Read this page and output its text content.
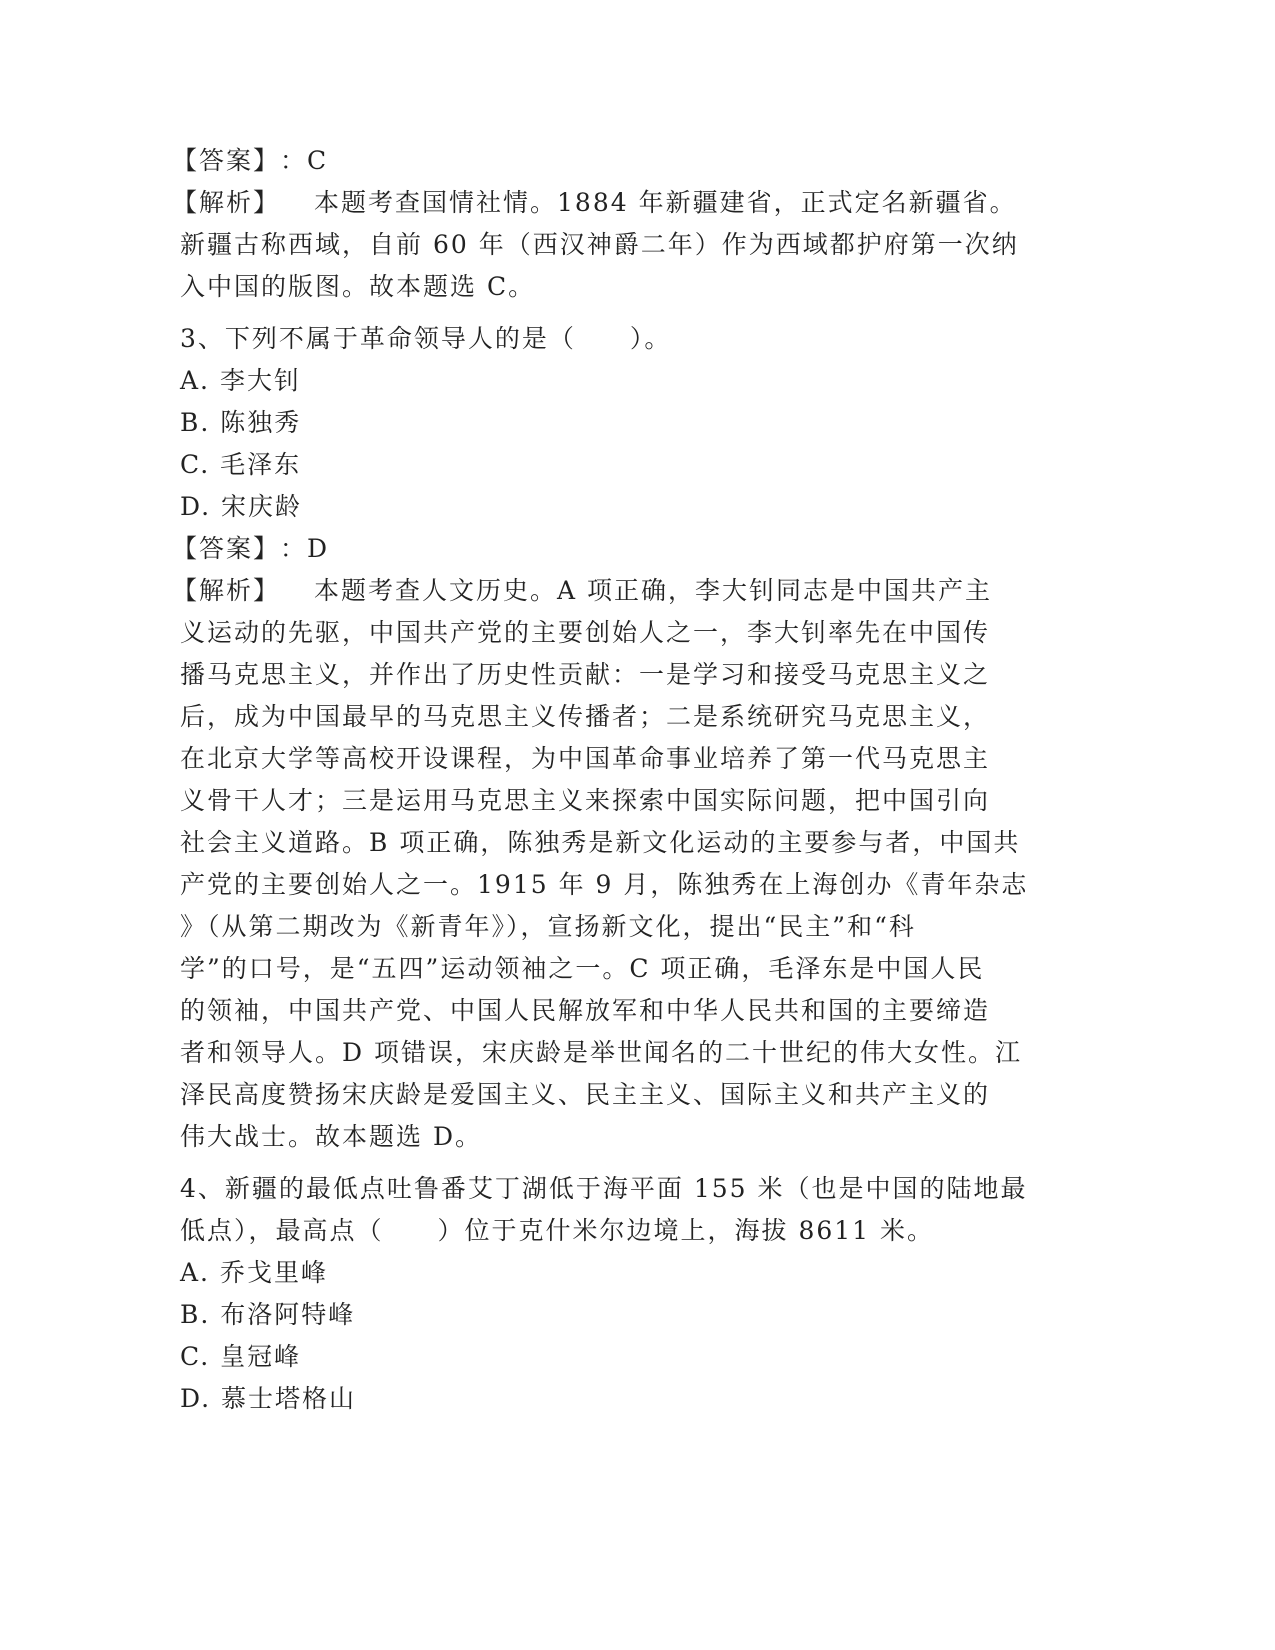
【答案】：C
【解析】 本题考查国情社情。1884 年新疆建省，正式定名新疆省。
新疆古称西域，自前 60 年（西汉神爵二年）作为西域都护府第一次纳
入中国的版图。故本题选 C。
3、下列不属于革命领导人的是（　　）。
A. 李大钊
B. 陈独秀
C. 毛泽东
D. 宋庆龄
【答案】：D
【解析】 本题考查人文历史。A 项正确，李大钊同志是中国共产主
义运动的先驱，中国共产党的主要创始人之一，李大钊率先在中国传
播马克思主义，并作出了历史性贡献：一是学习和接受马克思主义之
后，成为中国最早的马克思主义传播者；二是系统研究马克思主义，
在北京大学等高校开设课程，为中国革命事业培养了第一代马克思主
义骨干人才；三是运用马克思主义来探索中国实际问题，把中国引向
社会主义道路。B 项正确，陈独秀是新文化运动的主要参与者，中国共
产党的主要创始人之一。1915 年 9 月，陈独秀在上海创办《青年杂志
》（从第二期改为《新青年》），宣扬新文化，提出“民主”和“科
学”的口号，是“五四”运动领袖之一。C 项正确，毛泽东是中国人民
的领袖，中国共产党、中国人民解放军和中华人民共和国的主要缔造
者和领导人。D 项错误，宋庆龄是举世闻名的二十世纪的伟大女性。江
泽民高度赞扬宋庆龄是爱国主义、民主主义、国际主义和共产主义的
伟大战士。故本题选 D。
4、新疆的最低点吐鲁番艾丁湖低于海平面 155 米（也是中国的陆地最
低点），最高点（　　）位于克什米尔边境上，海拔 8611 米。
A. 乔戈里峰
B. 布洛阿特峰
C. 皇冠峰
D. 慕士塔格山
